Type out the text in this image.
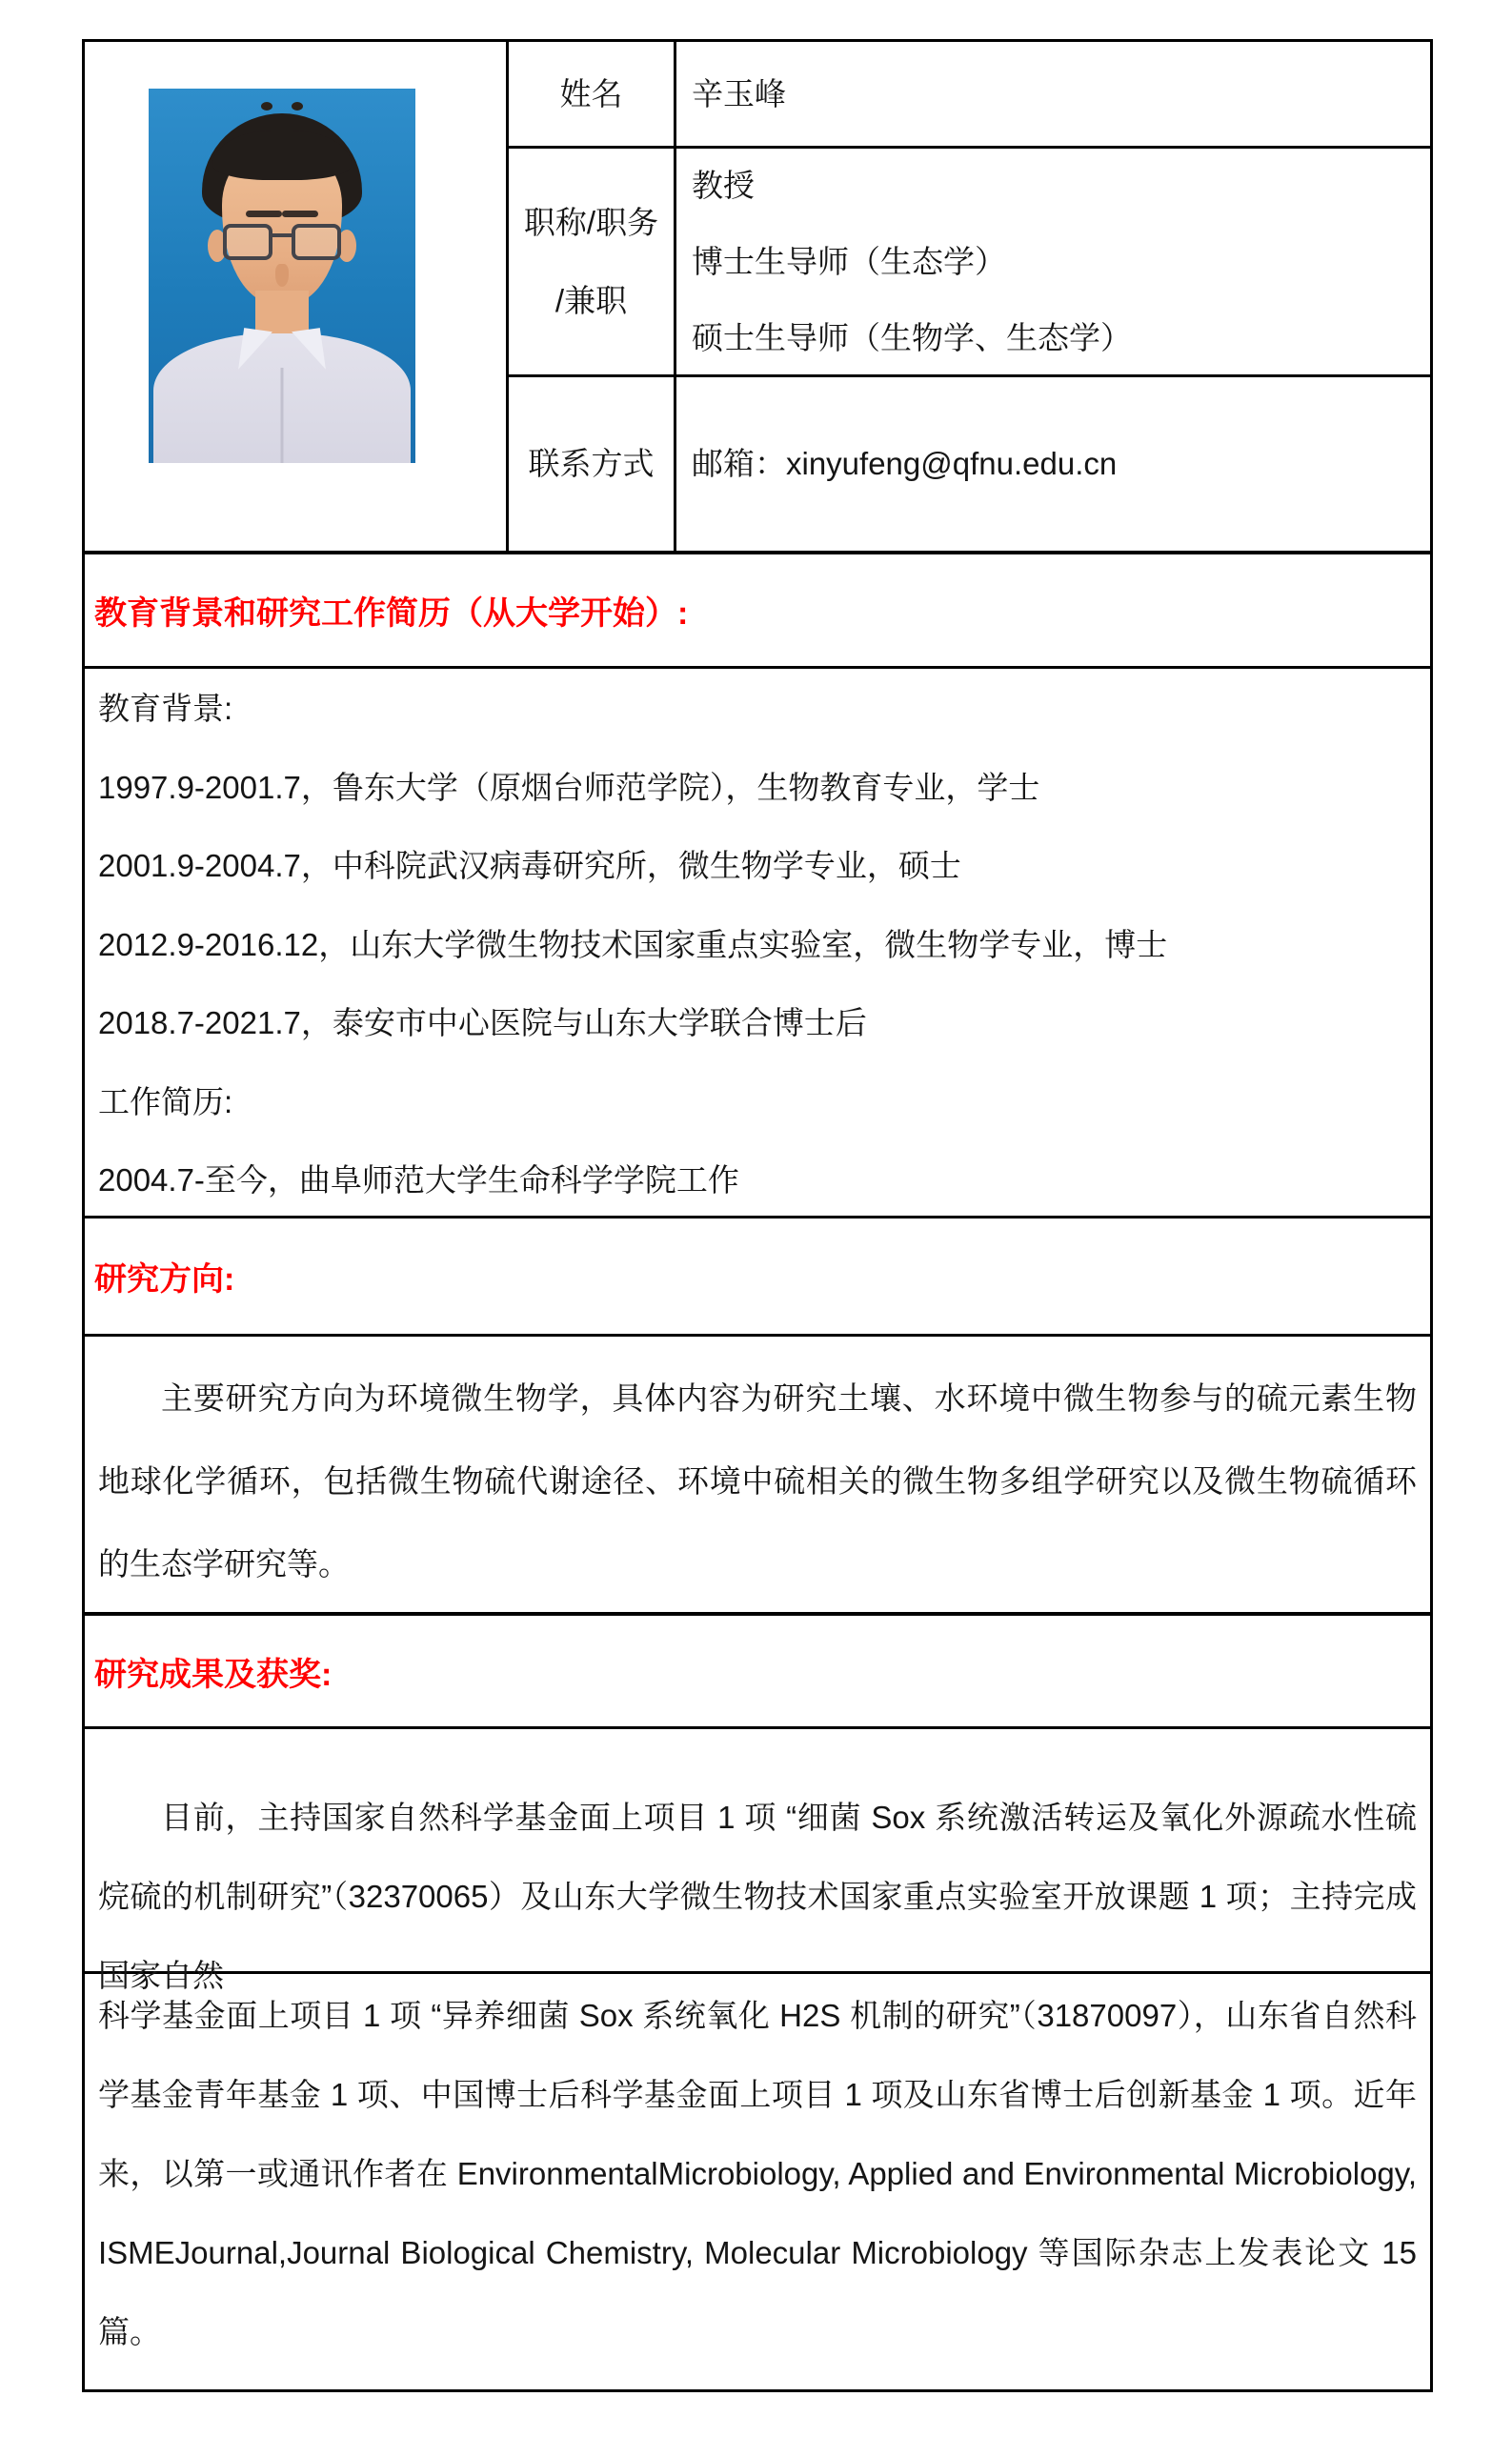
姓名 辛玉峰
职称/职务
/兼职
教授
博士生导师（生态学）
硕士生导师（生物学、生态学）
联系方式 邮箱：xinyufeng@qfnu.edu.cn
教育背景和研究工作简历（从大学开始）:
教育背景:
1997.9-2001.7，鲁东大学（原烟台师范学院），生物教育专业，学士
2001.9-2004.7，中科院武汉病毒研究所，微生物学专业，硕士
2012.9-2016.12，山东大学微生物技术国家重点实验室，微生物学专业，博士
2018.7-2021.7，泰安市中心医院与山东大学联合博士后
工作简历:
2004.7-至今，曲阜师范大学生命科学学院工作
研究方向:
主要研究方向为环境微生物学，具体内容为研究土壤、水环境中微生物参与的硫元素生物地球化学循环，包括微生物硫代谢途径、环境中硫相关的微生物多组学研究以及微生物硫循环的生态学研究等。
研究成果及获奖:
目前，主持国家自然科学基金面上项目 1 项 “细菌 Sox 系统激活转运及氧化外源疏水性硫烷硫的机制研究”（32370065）及山东大学微生物技术国家重点实验室开放课题 1 项；主持完成国家自然
科学基金面上项目 1 项 “异养细菌 Sox 系统氧化 H2S 机制的研究”（31870097），山东省自然科学基金青年基金 1 项、中国博士后科学基金面上项目 1 项及山东省博士后创新基金 1 项。近年来，以第一或通讯作者在 EnvironmentalMicrobiology, Applied and Environmental Microbiology, ISMEJournal,Journal Biological Chemistry, Molecular Microbiology 等国际杂志上发表论文 15 篇。
